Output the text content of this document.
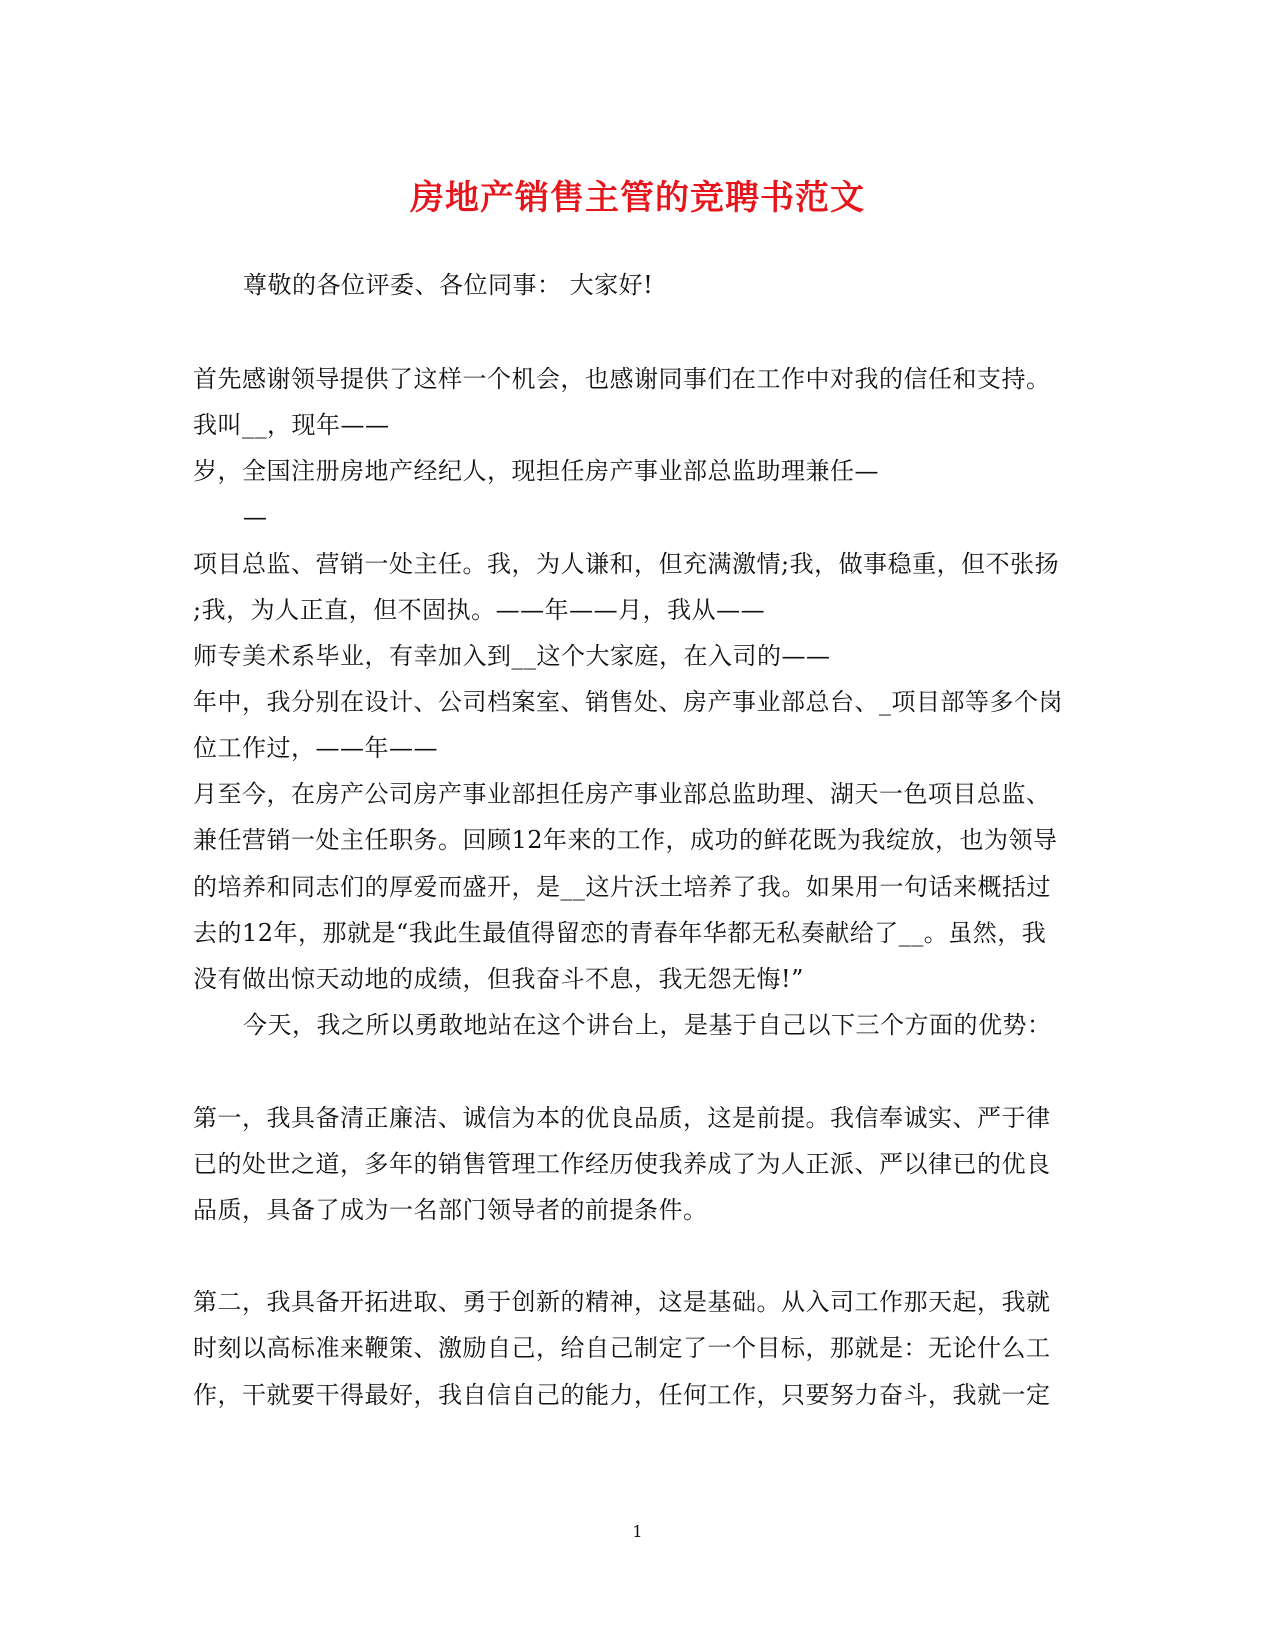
房地产销售主管的竞聘书范文
尊敬的各位评委、各位同事： 大家好!
首先感谢领导提供了这样一个机会，也感谢同事们在工作中对我的信任和支持。
我叫__，现年——
岁，全国注册房地产经纪人，现担任房产事业部总监助理兼任—
—
项目总监、营销一处主任。我，为人谦和，但充满激情;我，做事稳重，但不张扬
;我，为人正直，但不固执。——年——月，我从——
师专美术系毕业，有幸加入到__这个大家庭，在入司的——
年中，我分别在设计、公司档案室、销售处、房产事业部总台、_项目部等多个岗
位工作过，——年——
月至今，在房产公司房产事业部担任房产事业部总监助理、湖天一色项目总监、
兼任营销一处主任职务。回顾12年来的工作，成功的鲜花既为我绽放，也为领导
的培养和同志们的厚爱而盛开，是__这片沃土培养了我。如果用一句话来概括过
去的12年，那就是“我此生最值得留恋的青春年华都无私奏献给了__。虽然，我
没有做出惊天动地的成绩，但我奋斗不息，我无怨无悔!”
今天，我之所以勇敢地站在这个讲台上，是基于自己以下三个方面的优势：
第一，我具备清正廉洁、诚信为本的优良品质，这是前提。我信奉诚实、严于律
已的处世之道，多年的销售管理工作经历使我养成了为人正派、严以律已的优良
品质，具备了成为一名部门领导者的前提条件。
第二，我具备开拓进取、勇于创新的精神，这是基础。从入司工作那天起，我就
时刻以高标准来鞭策、激励自己，给自己制定了一个目标，那就是：无论什么工
作，干就要干得最好，我自信自己的能力，任何工作，只要努力奋斗，我就一定
1
